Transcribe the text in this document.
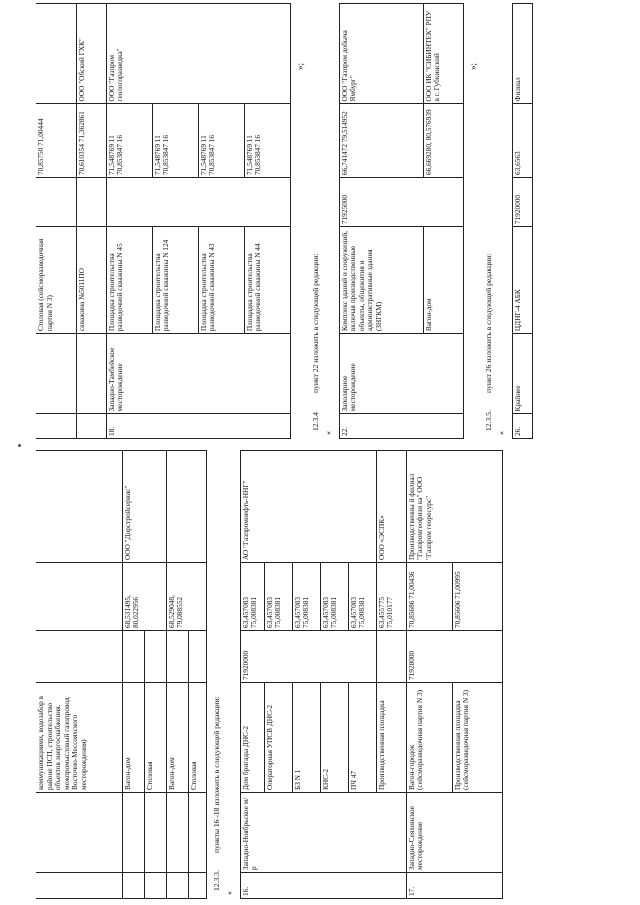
		коммуникациями, водозабор в районе ПСП, строительство объектов энергоснабжения, межпромысловый газопровод Восточно-Мессояхского месторождения)			
		Вагон-дом		68,531495, 80,022956	ООО "Дорстройсервис"
		Столовая			
		Вагон-дом		68,529048, 79,088552	
		Столовая			
12.3.3.
пункты 16 -18 изложить в следующей редакции:
« 16.	Западно-Ноябрьское м/р	Дом бригады ДНС-2	71920000	63,457083 75,008381	АО "Газпромнефть-ННГ"
		Операторная УПСВ ДНС-2		63,457083 75,008381	
		БЗ N 1		63,457083 75,008381	
		КНС-2		63,457083 75,008381	
		ПЧ 47		63,457083 75,008381	
		Производственная площадка		63,455775 75,010177	ООО «ЭСПК»
17.	Западно-Сеяхинское месторождение	Вагон-городок (сейсморазведочная партия N 3)	71928000	70,85686 71,00436	Производственны й филиал "Газпромгеофизи ка" ООО "Газпром георесурс"
		Производственная площадка (сейсморазведочная партия N 3)		70,85606 71,00995	
		Столовая (сейсморазведочная партия N 3)		70,85750 71,00444	
		скважина №5011ПО		70,610354 71,362861	ООО "Обский ГХК"
18.	Западно-Тамбейское месторождение	Площадка строительства разведочной скважины N 45		71,548769 11 70,853847 16	ООО "Газпром геологоразведка"
		Площадка строительства разведочной скважины N 124		71,548769 11 70,853847 16	
		Площадка строительства разведочной скважины N 43		71,548769 11 70,853847 16	
		Площадка строительства разведочной скважины N 44		71,548769 11 70,853847 16	
»;
12.3.4
пункт 22 изложить в следующей редакции:
« 22.	Заполярное месторождение	Комплекс зданий и сооружений, включая производственные объекты, общежития и административные здания (ЗНГКМ)	71925000	66,741472 79,514952	ООО "Газпром добыча Ямбург"
		Вагон-дом		66,669280, 80,576939	ООО ИК "СИБИНТЕК" РПУ в г. Губкинский	»;
12.3.5.
пункт 26 изложить в следующей редакции:
« 26.	Крайнее	ЦДНГ-4 АБК	71920000	63,6563	Филиал
